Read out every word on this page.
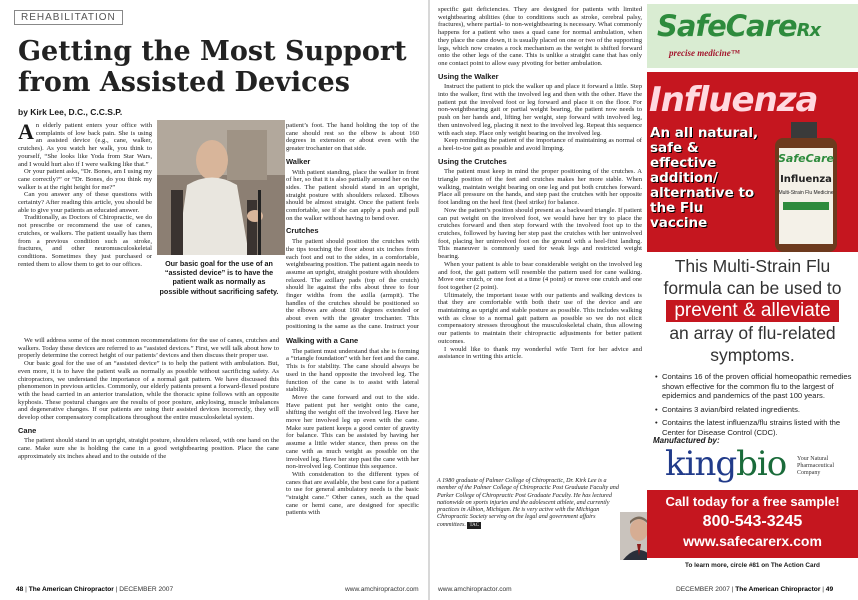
REHABILITATION
Getting the Most Support from Assisted Devices
by Kirk Lee, D.C., C.C.S.P.

An elderly patient enters your office with complaints of low back pain. She is using an assisted device (e.g., cane, walker, crutches). As you watch her walk, you think to yourself, “She looks like Yoda from Star Wars, and I would hurt also if I were walking like that.”

Or your patient asks, “Dr. Bones, am I using my cane correctly?” or “Dr. Bones, do you think my walker is at the right height for me?”

Can you answer any of these questions with certainty? After reading this article, you should be able to give your patients an educated answer.

Traditionally, as Doctors of Chiropractic, we do not prescribe or recommend the use of canes, crutches, or walkers. The patient usually has them from a previous condition such as stroke, fractures, and other neuromusculoskeletal conditions. Sometimes they just purchased or rented them to allow them to get to our offices.	Our basic goal for the use of an “assisted device” is to have the patient walk as normally as possible without sacrificing safety.

patient’s foot. The hand holding the top of the cane should rest so the elbow is about 160 degrees in extension or about even with the greater trochanter on that side.

Walker

With patient standing, place the walker in front of her, so that it is also partially around her on the sides. The patient should stand in an upright, straight posture with shoulders relaxed. Elbows should be almost straight. Once the patient feels comfortable, see if she can apply a push and pull on the walker without having to bend over.

Crutches

The patient should position the crutches with the tips touching the floor about six inches from each foot and out to the sides, in a comfortable, weightbearing position. The patient again needs to assume an upright, straight posture with shoulders relaxed. The axillary pads (top of the crutch) should lie against the ribs about three to four finger widths from the axilla (armpit). The handles of the crutches should be positioned so the elbows are about 160 degrees extended or about even with the greater trochanter. This positioning is the same as the cane. Instruct your

We will address some of the most common recommendations for the use of canes, crutches and walkers. Today these devices are referred to as “assisted devices.” First, we will talk about how to properly determine the correct height of our patients’ devices and then discuss their proper use.

Our basic goal for the use of an “assisted device” is to help the patient with ambulation. But, even more, it is to have the patient walk as normally as possible without sacrificing safety. As chiropractors, we understand the importance of a normal gait pattern. We have discussed this phenomenon in previous articles. Commonly, our elderly patients present a forward-flexed posture with the head carried in an anterior translation, while the thoracic spine follows with an opposite kyphosis. These postural changes are the results of poor posture, ankylosing, muscle imbalances and degenerative changes. If our patients are using their assisted devices incorrectly, they will develop other compensatory complications throughout the entire musculoskeletal system.

Cane

The patient should stand in an upright, straight posture, shoulders relaxed, with one hand on the cane. Make sure she is holding the cane in a good weightbearing position. Place the cane approximately six inches ahead and to the outside of the

Walking with a Cane

The patient must understand that she is forming a “triangle foundation” with her feet and the cane. This is for stability. The cane should always be used in the hand opposite the involved leg. The function of the cane is to assist with lateral stability.

Move the cane forward and out to the side. Have patient put her weight onto the cane, shifting the weight off the involved leg. Have her move her involved leg up even with the cane. Make sure patient keeps a good center of gravity for balance. This can be assisted by having her assume a little wider stance, then press on the cane with as much weight as possible on the involved leg. Have her step past the cane with her non-involved leg. Continue this sequence.

With consideration to the different types of canes that are available, the best cane for a patient to use for general ambulatory needs is the basic “straight cane.” Other canes, such as the quad cane or hemi cane, are designed for specific patients with

48 | The American Chiropractor | DECEMBER 2007	www.amchiropractor.com

specific gait deficiencies. They are designed for patients with limited weightbearing abilities (due to conditions such as stroke, cerebral palsy, fractures), where partial- to non-weightbearing is necessary. What commonly happens for a patient who uses a quad cane for normal ambulation, when they place the cane down, it is usually placed on one or two of the supporting legs, which now creates a rock mechanism as the weight is shifted forward onto the other legs of the cane. This is unlike a straight cane that has only one contact point to allow easy pivoting for better ambulation.

Using the Walker

Instruct the patient to pick the walker up and place it forward a little. Step into the walker, first with the involved leg and then with the other. Have the patient put the involved foot or leg forward and place it on the floor. For non-weightbearing gait or partial weight bearing, the patient now needs to push on her hands and, lifting her weight, step forward with involved leg, then uninvolved leg, placing it next to the involved leg. Repeat this sequence with each step. Place only weight bearing on the involved leg.

Keep reminding the patient of the importance of maintaining as normal of a heel-to-toe gait as possible and avoid limping.

Using the Crutches

The patient must keep in mind the proper positioning of the crutches. A triangle position of the feet and crutches makes her more stable. When walking, maintain weight bearing on one leg and put both crutches forward. Place all pressure on the hands, and step past the crutches with her opposite foot landing on the heel first (heel strike) for balance.

Now the patient’s position should present as a backward triangle. If patient can put weight on the involved foot, we would have her try to place the crutches forward and then step forward with the involved foot up to the crutches, followed by having her step past the crutches with her uninvolved foot, placing her uninvolved foot on the ground with a heel-first landing. This maneuver is commonly used for weak legs and restricted weight bearing.

When your patient is able to bear considerable weight on the involved leg and foot, the gait pattern will resemble the pattern used for cane walking. Move one crutch, or one foot at a time (4 point) or move one crutch and one foot together (2 point).

Ultimately, the important issue with our patients and walking devices is that they are comfortable with both their use of the device and are maintaining as upright and stable posture as possible. This includes walking with as close to a normal gait pattern as possible so we do not elicit compensatory stresses throughout the musculoskeletal chain, thus allowing our patients to maintain their chiropractic adjustments for better patient outcomes.

I would like to thank my wonderful wife Terri for her advice and assistance in writing this article.

A 1980 graduate of Palmer College of Chiropractic, Dr. Kirk Lee is a member of the Palmer College of Chiropractic Post Graduate Faculty and Parker College of Chiropractic Post Graduate Faculty. He has lectured nationwide on sports injuries and the adolescent athlete, and currently practices in Albion, Michigan. He is very active with the Michigan Chiropractic Society serving on the legal and government affairs committees. TAC
www.amchiropractor.com	DECEMBER 2007 | The American Chiropractor | 49
SafeCareRx
precise medicine™
Influenza
An all natural, safe & effective addition/ alternative to the Flu vaccine
SafeCare
Influenza
Multi-Strain Flu Medicine
This Multi-Strain Flu formula can be used to
prevent & alleviate
an array of flu-related symptoms.
• Contains 16 of the proven official homeopathic remedies shown effective for the common flu to the largest of epidemics and pandemics of the past 100 years.
• Contains 3 avian/bird related ingredients.
• Contains the latest influenza/flu strains listed with the Center for Disease Control (CDC).
Manufactured by:
kingbio Your Natural Pharmaceutical Company
Call today for a free sample!
800-543-3245
www.safecarerx.com
To learn more, circle #81 on The Action Card
